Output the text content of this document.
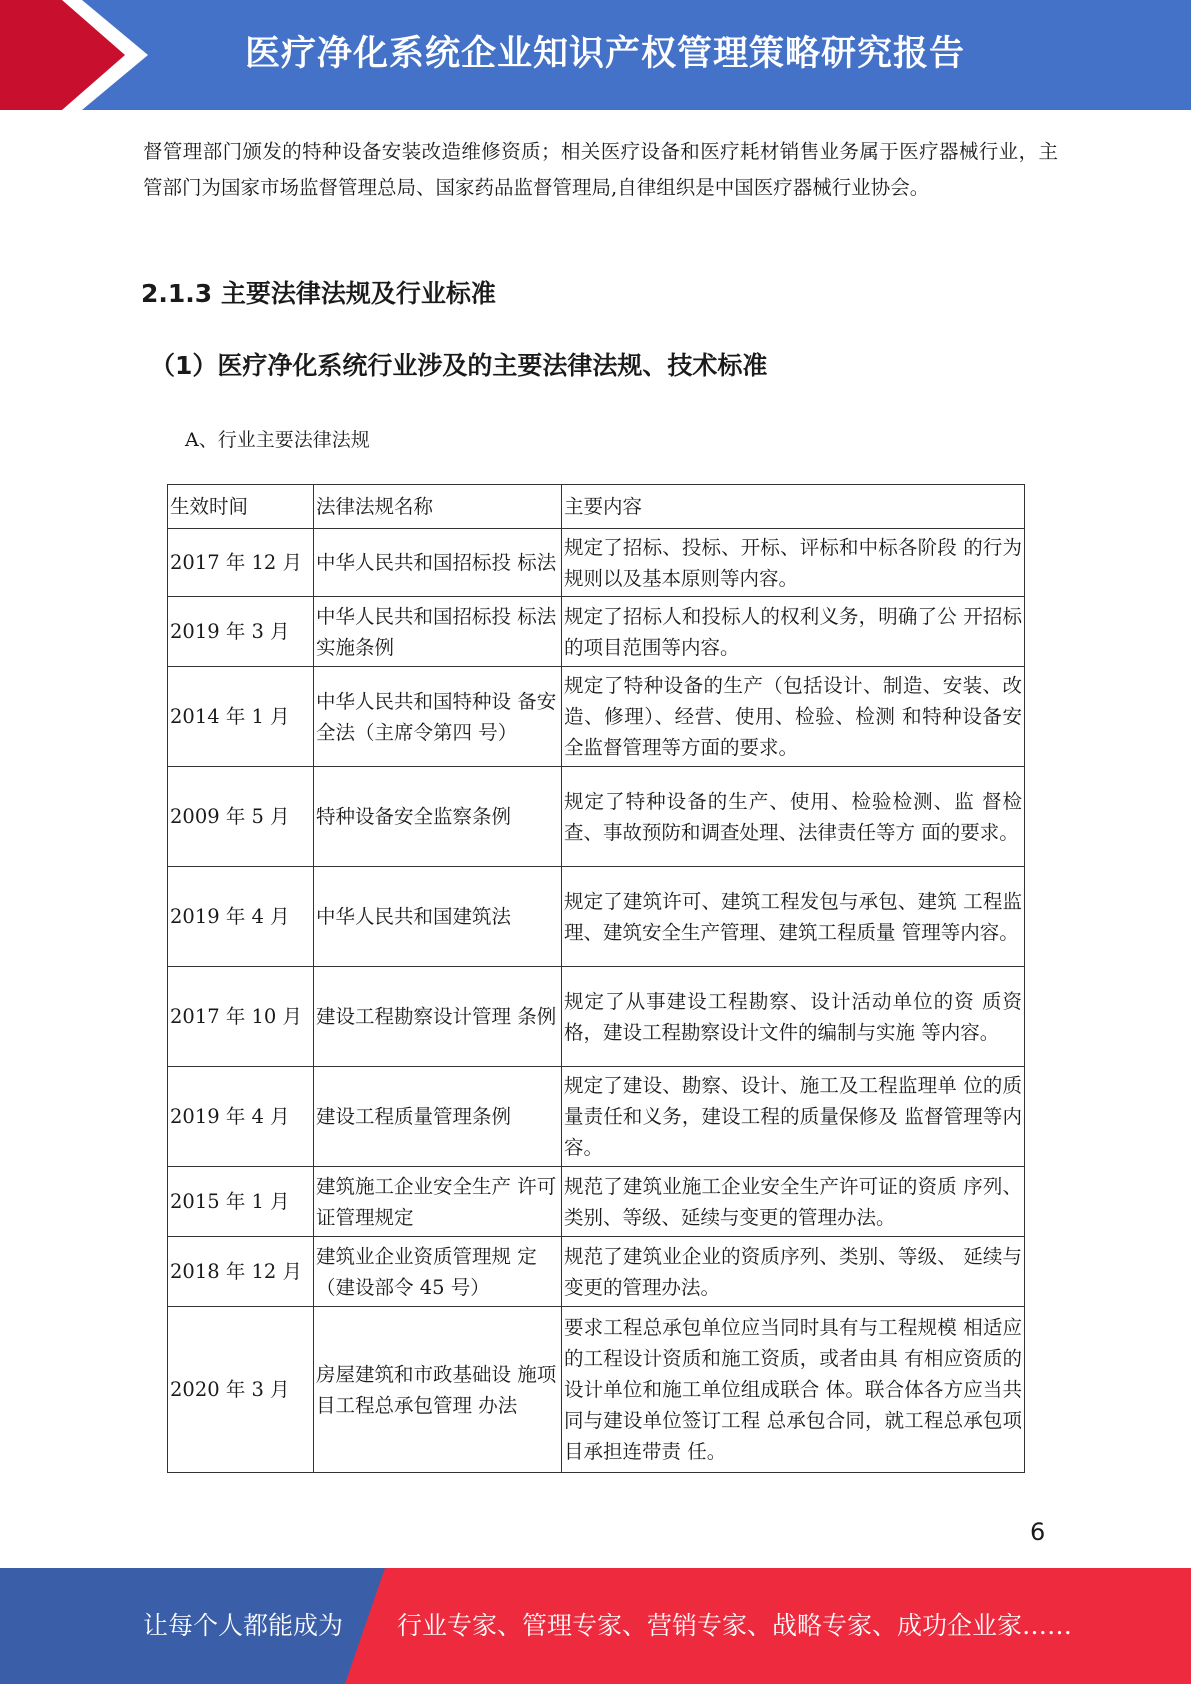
医疗净化系统企业知识产权管理策略研究报告
督管理部门颁发的特种设备安装改造维修资质；相关医疗设备和医疗耗材销售业务属于医疗器械行业，主管部门为国家市场监督管理总局、国家药品监督管理局,自律组织是中国医疗器械行业协会。
2.1.3 主要法律法规及行业标准
（1）医疗净化系统行业涉及的主要法律法规、技术标准
A、行业主要法律法规
生效时间	法律法规名称	主要内容
2017 年 12 月	中华人民共和国招标投 标法	规定了招标、投标、开标、评标和中标各阶段 的行为规则以及基本原则等内容。
2019 年 3 月	中华人民共和国招标投 标法实施条例	规定了招标人和投标人的权利义务，明确了公 开招标的项目范围等内容。
2014 年 1 月	中华人民共和国特种设 备安全法（主席令第四 号）	规定了特种设备的生产（包括设计、制造、安装、改造、修理）、经营、使用、检验、检测 和特种设备安全监督管理等方面的要求。
2009 年 5 月	特种设备安全监察条例	规定了特种设备的生产、使用、检验检测、监 督检查、事故预防和调查处理、法律责任等方 面的要求。
2019 年 4 月	中华人民共和国建筑法	规定了建筑许可、建筑工程发包与承包、建筑 工程监理、建筑安全生产管理、建筑工程质量 管理等内容。
2017 年 10 月	建设工程勘察设计管理 条例	规定了从事建设工程勘察、设计活动单位的资 质资格，建设工程勘察设计文件的编制与实施 等内容。
2019 年 4 月	建设工程质量管理条例	规定了建设、勘察、设计、施工及工程监理单 位的质量责任和义务，建设工程的质量保修及 监督管理等内容。
2015 年 1 月	建筑施工企业安全生产 许可证管理规定	规范了建筑业施工企业安全生产许可证的资质 序列、类别、等级、延续与变更的管理办法。
2018 年 12 月	建筑业企业资质管理规 定（建设部令 45 号）	规范了建筑业企业的资质序列、类别、等级、 延续与变更的管理办法。
2020 年 3 月	房屋建筑和市政基础设 施项目工程总承包管理 办法	要求工程总承包单位应当同时具有与工程规模 相适应的工程设计资质和施工资质，或者由具 有相应资质的设计单位和施工单位组成联合 体。联合体各方应当共同与建设单位签订工程 总承包合同，就工程总承包项目承担连带责 任。
6
让每个人都能成为 行业专家、管理专家、营销专家、战略专家、成功企业家……
